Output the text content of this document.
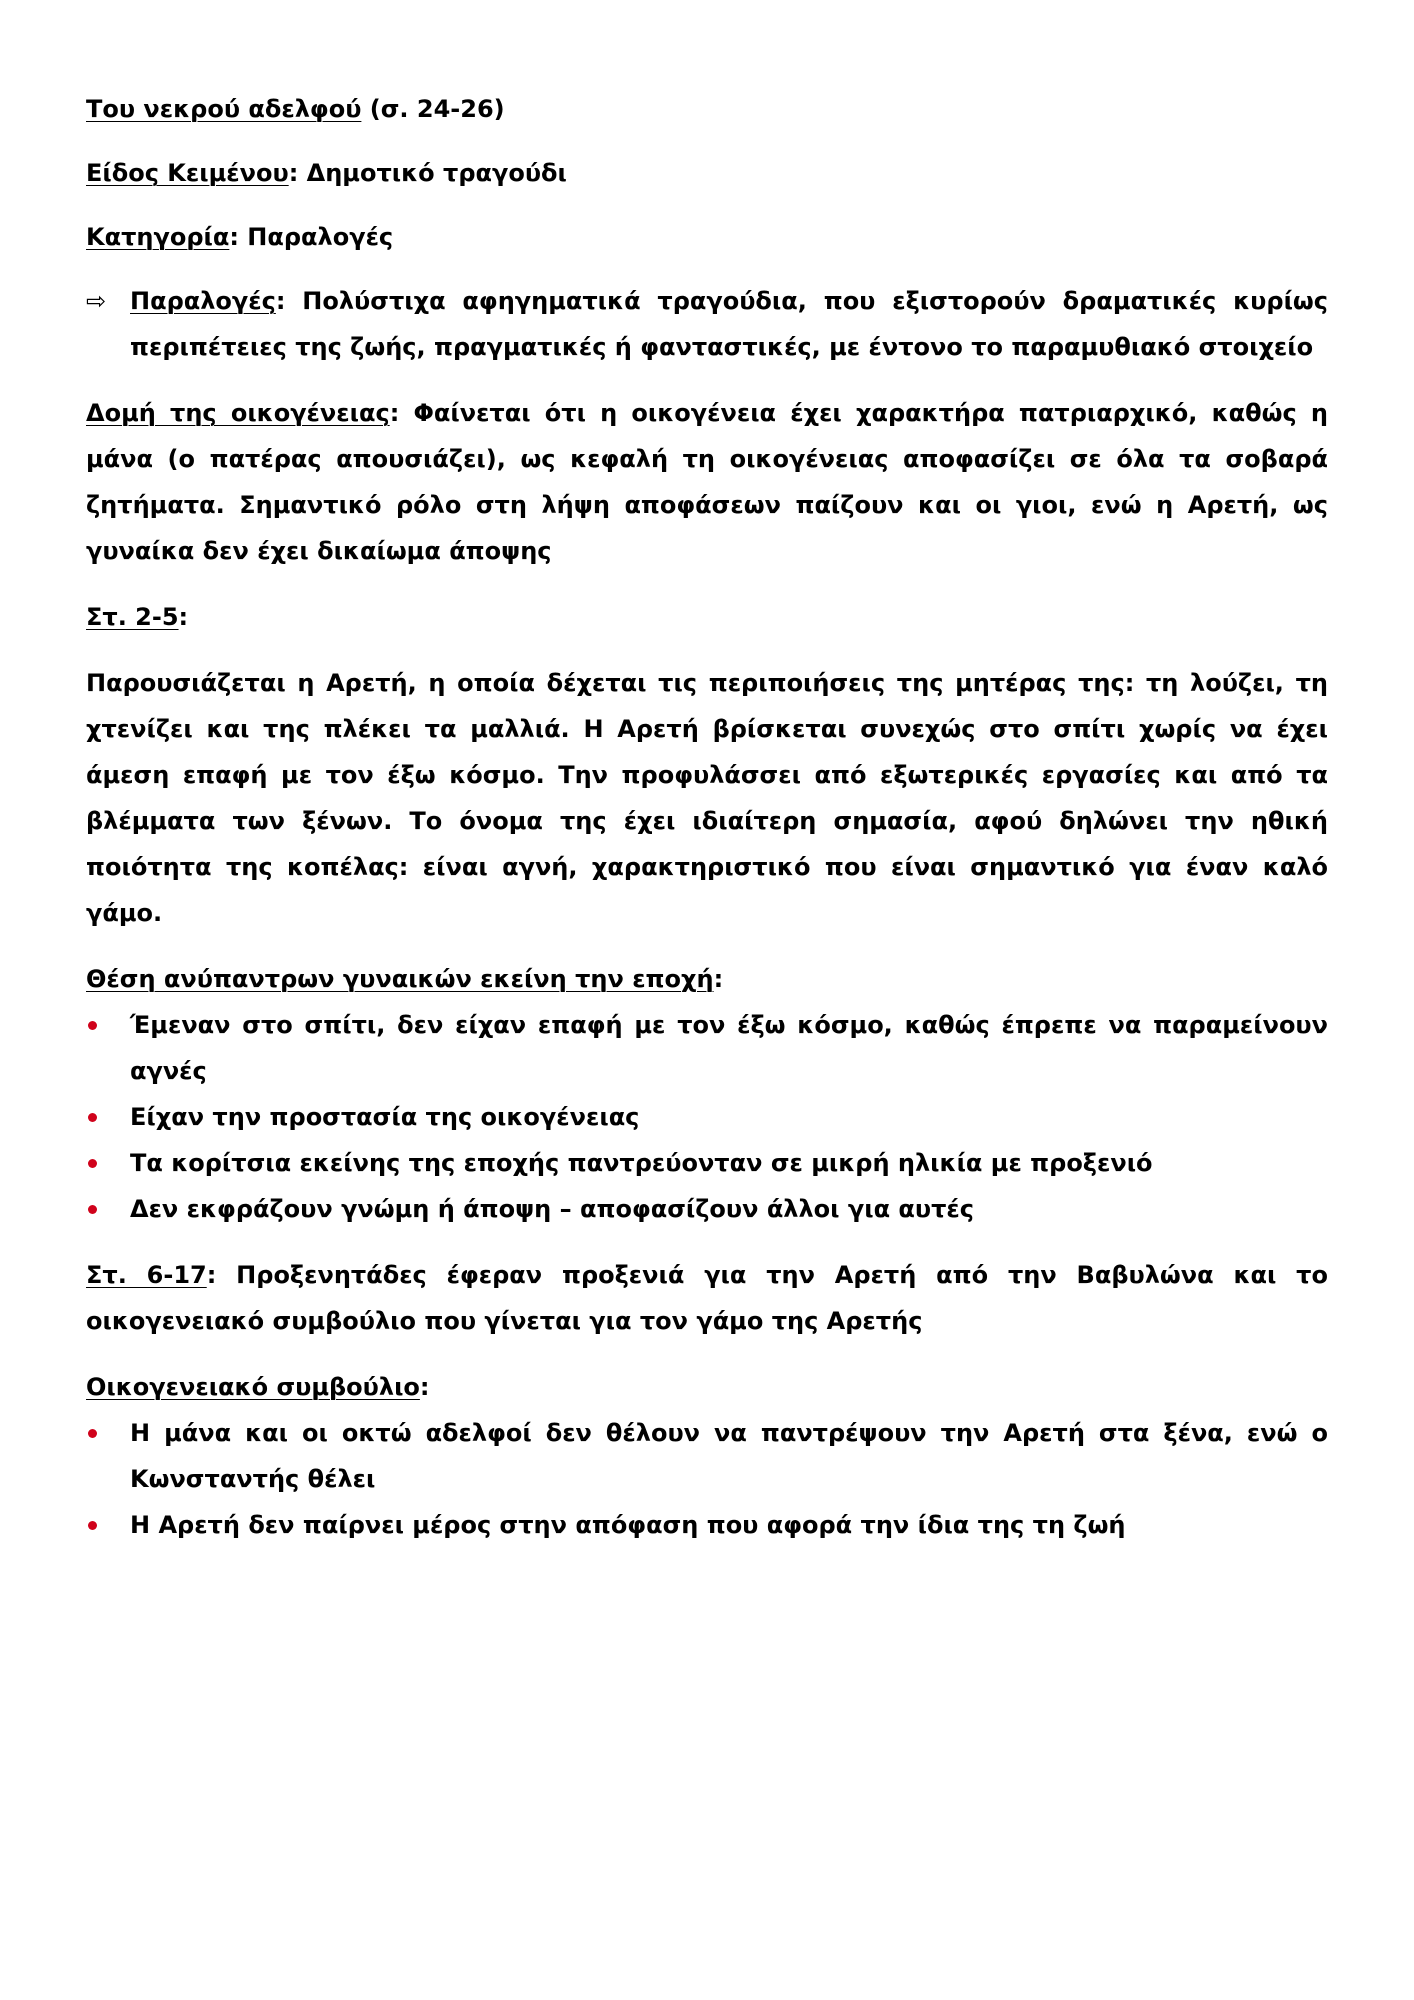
Του νεκρού αδελφού (σ. 24-26)
Είδος Κειμένου: Δημοτικό τραγούδι
Κατηγορία: Παραλογές
⇨ Παραλογές: Πολύστιχα αφηγηματικά τραγούδια, που εξιστορούν δραματικές κυρίως

περιπέτειες της ζωής, πραγματικές ή φανταστικές, με έντονο το παραμυθιακό στοιχείο

Δομή της οικογένειας: Φαίνεται ότι η οικογένεια έχει χαρακτήρα πατριαρχικό, καθώς η μάνα (ο πατέρας απουσιάζει), ως κεφαλή τη οικογένειας αποφασίζει σε όλα τα σοβαρά ζητήματα. Σημαντικό ρόλο στη λήψη αποφάσεων παίζουν και οι γιοι, ενώ η Αρετή, ως γυναίκα δεν έχει δικαίωμα άποψης

Στ. 2-5:

Παρουσιάζεται η Αρετή, η οποία δέχεται τις περιποιήσεις της μητέρας της: τη λούζει, τη χτενίζει και της πλέκει τα μαλλιά. Η Αρετή βρίσκεται συνεχώς στο σπίτι χωρίς να έχει άμεση επαφή με τον έξω κόσμο. Την προφυλάσσει από εξωτερικές εργασίες και από τα βλέμματα των ξένων. Το όνομα της έχει ιδιαίτερη σημασία, αφού δηλώνει την ηθική ποιότητα της κοπέλας: είναι αγνή, χαρακτηριστικό που είναι σημαντικό για έναν καλό γάμο.

Θέση ανύπαντρων γυναικών εκείνη την εποχή:
Έμεναν στο σπίτι, δεν είχαν επαφή με τον έξω κόσμο, καθώς έπρεπε να παραμείνουν αγνές
Είχαν την προστασία της οικογένειας
Τα κορίτσια εκείνης της εποχής παντρεύονταν σε μικρή ηλικία με προξενιό
Δεν εκφράζουν γνώμη ή άποψη – αποφασίζουν άλλοι για αυτές

Στ. 6-17: Προξενητάδες έφεραν προξενιά για την Αρετή από την Βαβυλώνα και το

οικογενειακό συμβούλιο που γίνεται για τον γάμο της Αρετής

Οικογενειακό συμβούλιο:
Η μάνα και οι οκτώ αδελφοί δεν θέλουν να παντρέψουν την Αρετή στα ξένα, ενώ ο Κωνσταντής θέλει
Η Αρετή δεν παίρνει μέρος στην απόφαση που αφορά την ίδια της τη ζωή
